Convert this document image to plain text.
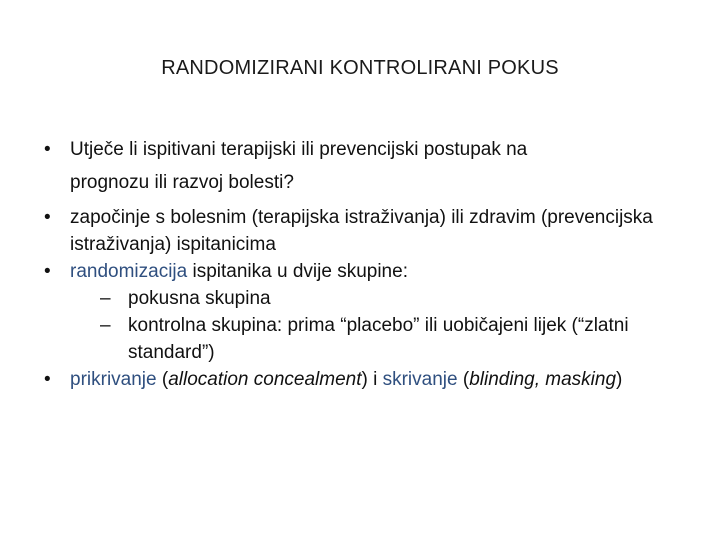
RANDOMIZIRANI KONTROLIRANI POKUS
• Utječe li ispitivani terapijski ili prevencijski postupak na
prognozu ili razvoj bolesti?
• započinje s bolesnim (terapijska istraživanja) ili zdravim (prevencijska istraživanja) ispitanicima
• randomizacija ispitanika u dvije skupine:
– pokusna skupina
– kontrolna skupina: prima “placebo” ili uobičajeni lijek (“zlatni standard”)
• prikrivanje (allocation concealment) i skrivanje (blinding, masking)
